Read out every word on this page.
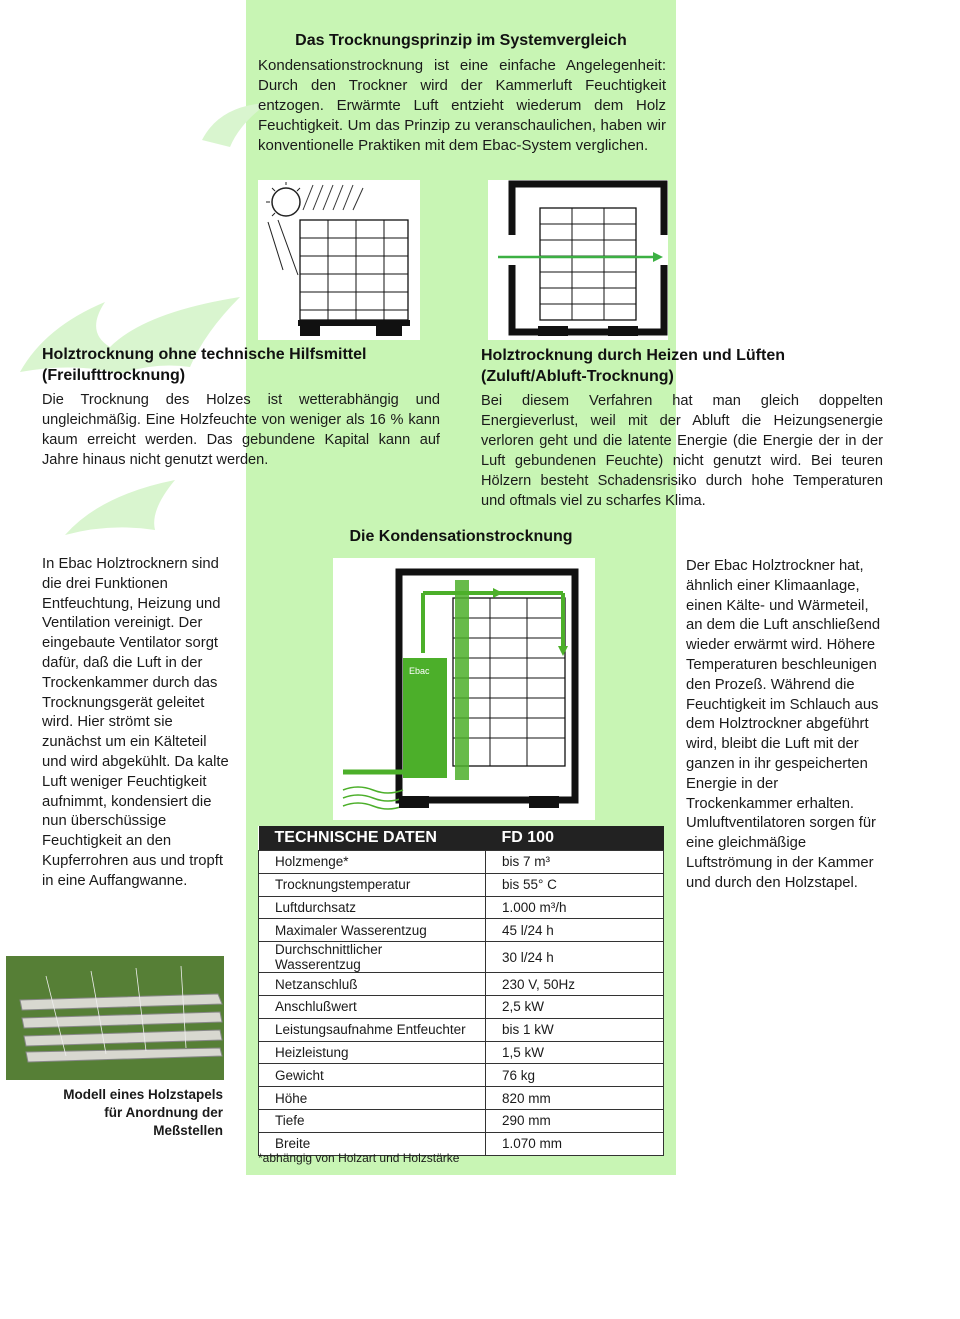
Das Trocknungsprinzip im Systemvergleich
Kondensationstrocknung ist eine einfache Angelegenheit: Durch den Trockner wird der Kammerluft Feuchtigkeit entzogen. Erwärmte Luft entzieht wiederum dem Holz Feuchtigkeit. Um das Prinzip zu veranschaulichen, haben wir konventionelle Praktiken mit dem Ebac-System verglichen.
Holztrocknung ohne technische Hilfsmittel
(Freilufttrocknung)
Die Trocknung des Holzes ist wetterabhängig und ungleichmäßig. Eine Holzfeuchte von weniger als 16 % kann kaum erreicht werden. Das gebundene Kapital kann auf Jahre hinaus nicht genutzt werden.
Holztrocknung durch Heizen und Lüften
(Zuluft/Abluft-Trocknung)
Bei diesem Verfahren hat man gleich doppelten Energieverlust, weil mit der Abluft die Heizungsenergie verloren geht und die latente Energie (die Energie der in der Luft gebundenen Feuchte) nicht genutzt wird. Bei teuren Hölzern besteht Schadensrisiko durch hohe Temperaturen und oftmals viel zu scharfes Klima.
Die Kondensationstrocknung
Ebac
In Ebac Holztrocknern sind die drei Funktionen Entfeuchtung, Heizung und Ventilation vereinigt. Der eingebaute Ventilator sorgt dafür, daß die Luft in der Trockenkammer durch das Trocknungsgerät geleitet wird. Hier strömt sie zunächst um ein Kälteteil und wird abgekühlt. Da kalte Luft weniger Feuchtigkeit aufnimmt, kondensiert die nun überschüssige Feuchtigkeit an den Kupferrohren aus und tropft in eine Auffangwanne.
Der Ebac Holztrockner hat, ähnlich einer Klimaanlage, einen Kälte- und Wärmeteil, an dem die Luft anschließend wieder erwärmt wird. Höhere Temperaturen beschleunigen den Prozeß. Während die Feuchtigkeit im Schlauch aus dem Holztrockner abgeführt wird, bleibt die Luft mit der ganzen in ihr gespeicherten Energie in der Trockenkammer erhalten. Umluftventilatoren sorgen für eine gleichmäßige Luftströmung in der Kammer und durch den Holzstapel.
TECHNISCHE DATEN	FD 100
Holzmenge*	bis 7 m³
Trocknungstemperatur	bis 55° C
Luftdurchsatz	1.000 m³/h
Maximaler Wasserentzug	45 l/24 h
Durchschnittlicher Wasserentzug	30 l/24 h
Netzanschluß	230 V, 50Hz
Anschlußwert	2,5 kW
Leistungsaufnahme Entfeuchter	bis 1 kW
Heizleistung	1,5 kW
Gewicht	76 kg
Höhe	820 mm
Tiefe	290 mm
Breite	1.070 mm
*abhängig von Holzart und Holzstärke
Modell eines Holzstapels
für Anordnung der
Meßstellen
